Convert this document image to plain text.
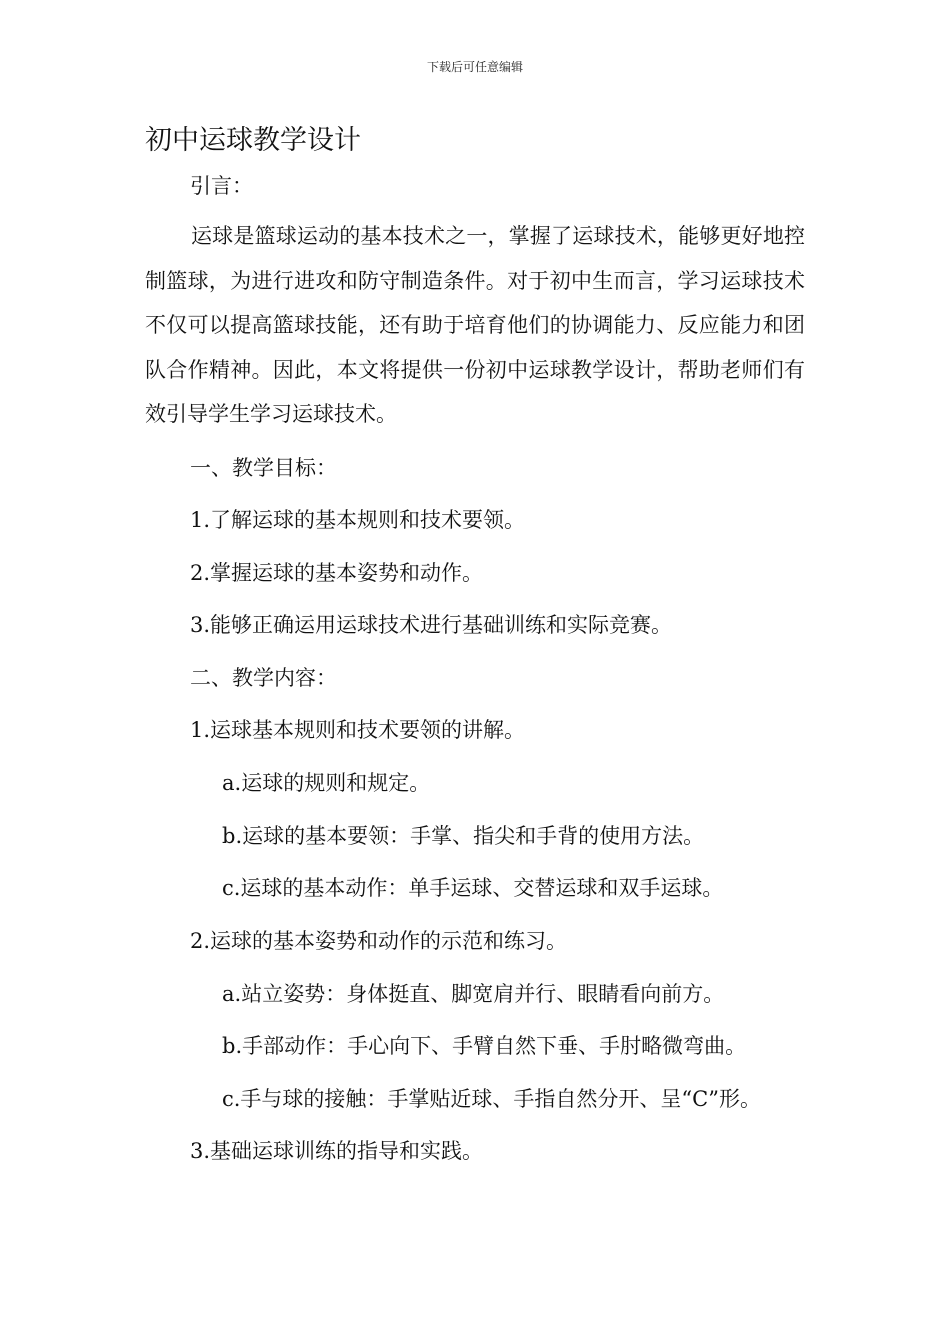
下载后可任意编辑
初中运球教学设计
引言：

运球是篮球运动的基本技术之一，掌握了运球技术，能够更好地控制篮球，为进行进攻和防守制造条件。对于初中生而言，学习运球技术不仅可以提高篮球技能，还有助于培育他们的协调能力、反应能力和团队合作精神。因此，本文将提供一份初中运球教学设计，帮助老师们有效引导学生学习运球技术。

一、教学目标：
1.了解运球的基本规则和技术要领。
2.掌握运球的基本姿势和动作。
3.能够正确运用运球技术进行基础训练和实际竞赛。
二、教学内容：
1.运球基本规则和技术要领的讲解。
a.运球的规则和规定。
b.运球的基本要领：手掌、指尖和手背的使用方法。
c.运球的基本动作：单手运球、交替运球和双手运球。
2.运球的基本姿势和动作的示范和练习。
a.站立姿势：身体挺直、脚宽肩并行、眼睛看向前方。
b.手部动作：手心向下、手臂自然下垂、手肘略微弯曲。
c.手与球的接触：手掌贴近球、手指自然分开、呈“C”形。
3.基础运球训练的指导和实践。
